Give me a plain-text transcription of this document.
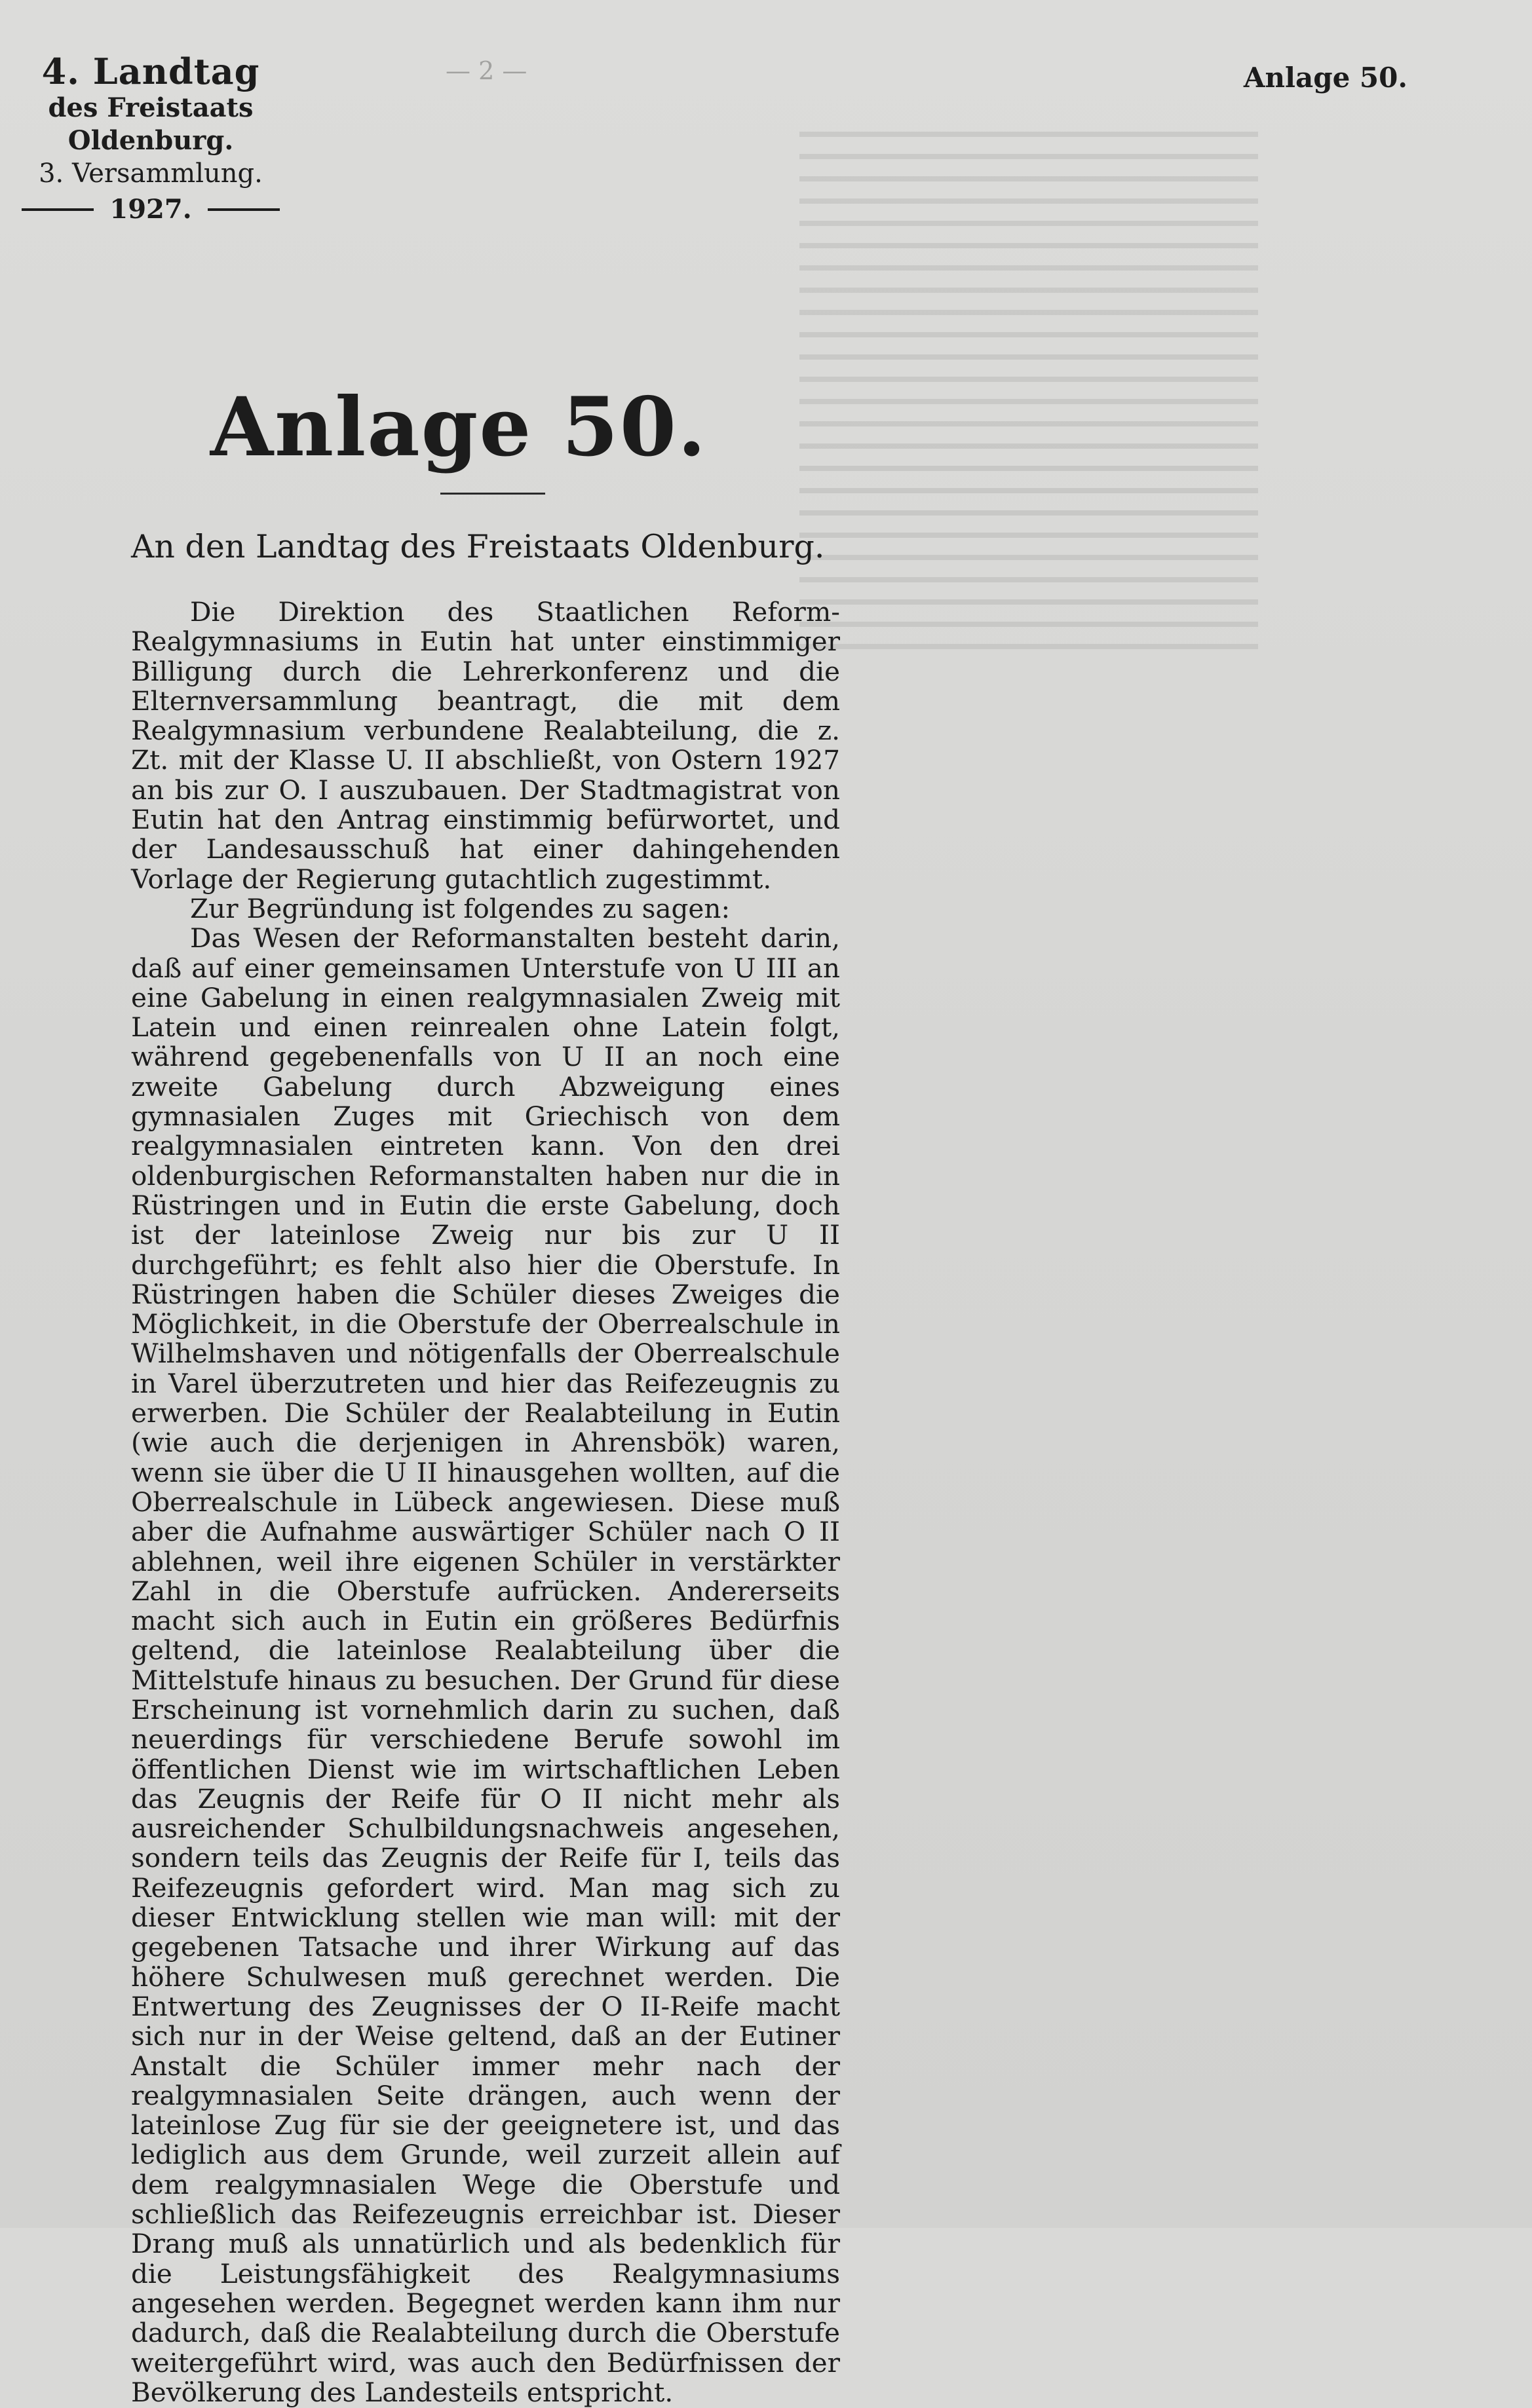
4. Landtag
des Freistaats Oldenburg.
3. Versammlung.
1927.
— 2 —	Anlage 50.
Anlage 50.
An den Landtag des Freistaats Oldenburg.

Die Direktion des Staatlichen Reform-Realgymnasiums in Eutin hat unter einstimmiger Billigung durch die Lehrerkonferenz und die Elternversammlung beantragt, die mit dem Realgymnasium verbundene Realabteilung, die z. Zt. mit der Klasse U. II abschließt, von Ostern 1927 an bis zur O. I auszubauen. Der Stadtmagistrat von Eutin hat den Antrag einstimmig befürwortet, und der Landesausschuß hat einer dahingehenden Vorlage der Regierung gutachtlich zugestimmt.

Zur Begründung ist folgendes zu sagen:

Das Wesen der Reformanstalten besteht darin, daß auf einer gemeinsamen Unterstufe von U III an eine Gabelung in einen realgymnasialen Zweig mit Latein und einen reinrealen ohne Latein folgt, während gegebenenfalls von U II an noch eine zweite Gabelung durch Abzweigung eines gymnasialen Zuges mit Griechisch von dem realgymnasialen eintreten kann. Von den drei oldenburgischen Reformanstalten haben nur die in Rüstringen und in Eutin die erste Gabelung, doch ist der lateinlose Zweig nur bis zur U II durchgeführt; es fehlt also hier die Oberstufe. In Rüstringen haben die Schüler dieses Zweiges die Möglichkeit, in die Oberstufe der Oberrealschule in Wilhelmshaven und nötigenfalls der Oberrealschule in Varel überzutreten und hier das Reifezeugnis zu erwerben. Die Schüler der Realabteilung in Eutin (wie auch die derjenigen in Ahrensbök) waren, wenn sie über die U II hinausgehen wollten, auf die Oberrealschule in Lübeck angewiesen. Diese muß aber die Aufnahme auswärtiger Schüler nach O II ablehnen, weil ihre eigenen Schüler in verstärkter Zahl in die Oberstufe aufrücken. Andererseits macht sich auch in Eutin ein größeres Bedürfnis geltend, die lateinlose Realabteilung über die Mittelstufe hinaus zu besuchen. Der Grund für diese Erscheinung ist vornehmlich darin zu suchen, daß neuerdings für verschiedene Berufe sowohl im öffentlichen Dienst wie im wirtschaftlichen Leben das Zeugnis der Reife für O II nicht mehr als ausreichender Schulbildungsnachweis angesehen, sondern teils das Zeugnis der Reife für I, teils das Reifezeugnis gefordert wird. Man mag sich zu dieser Entwicklung stellen wie man will: mit der gegebenen Tatsache und ihrer Wirkung auf das höhere Schulwesen muß gerechnet werden. Die Entwertung des Zeugnisses der O II-Reife macht sich nur in der Weise geltend, daß an der Eutiner Anstalt die Schüler immer mehr nach der realgymnasialen Seite drängen, auch wenn der lateinlose Zug für sie der geeignetere ist, und das lediglich aus dem Grunde, weil zurzeit allein auf dem realgymnasialen Wege die Oberstufe und schließlich das Reifezeugnis erreichbar ist. Dieser Drang muß als unnatürlich und als bedenklich für die Leistungsfähigkeit des Realgymnasiums angesehen werden. Begegnet werden kann ihm nur dadurch, daß die Realabteilung durch die Oberstufe weitergeführt wird, was auch den Bedürfnissen der Bevölkerung des Landesteils entspricht.
